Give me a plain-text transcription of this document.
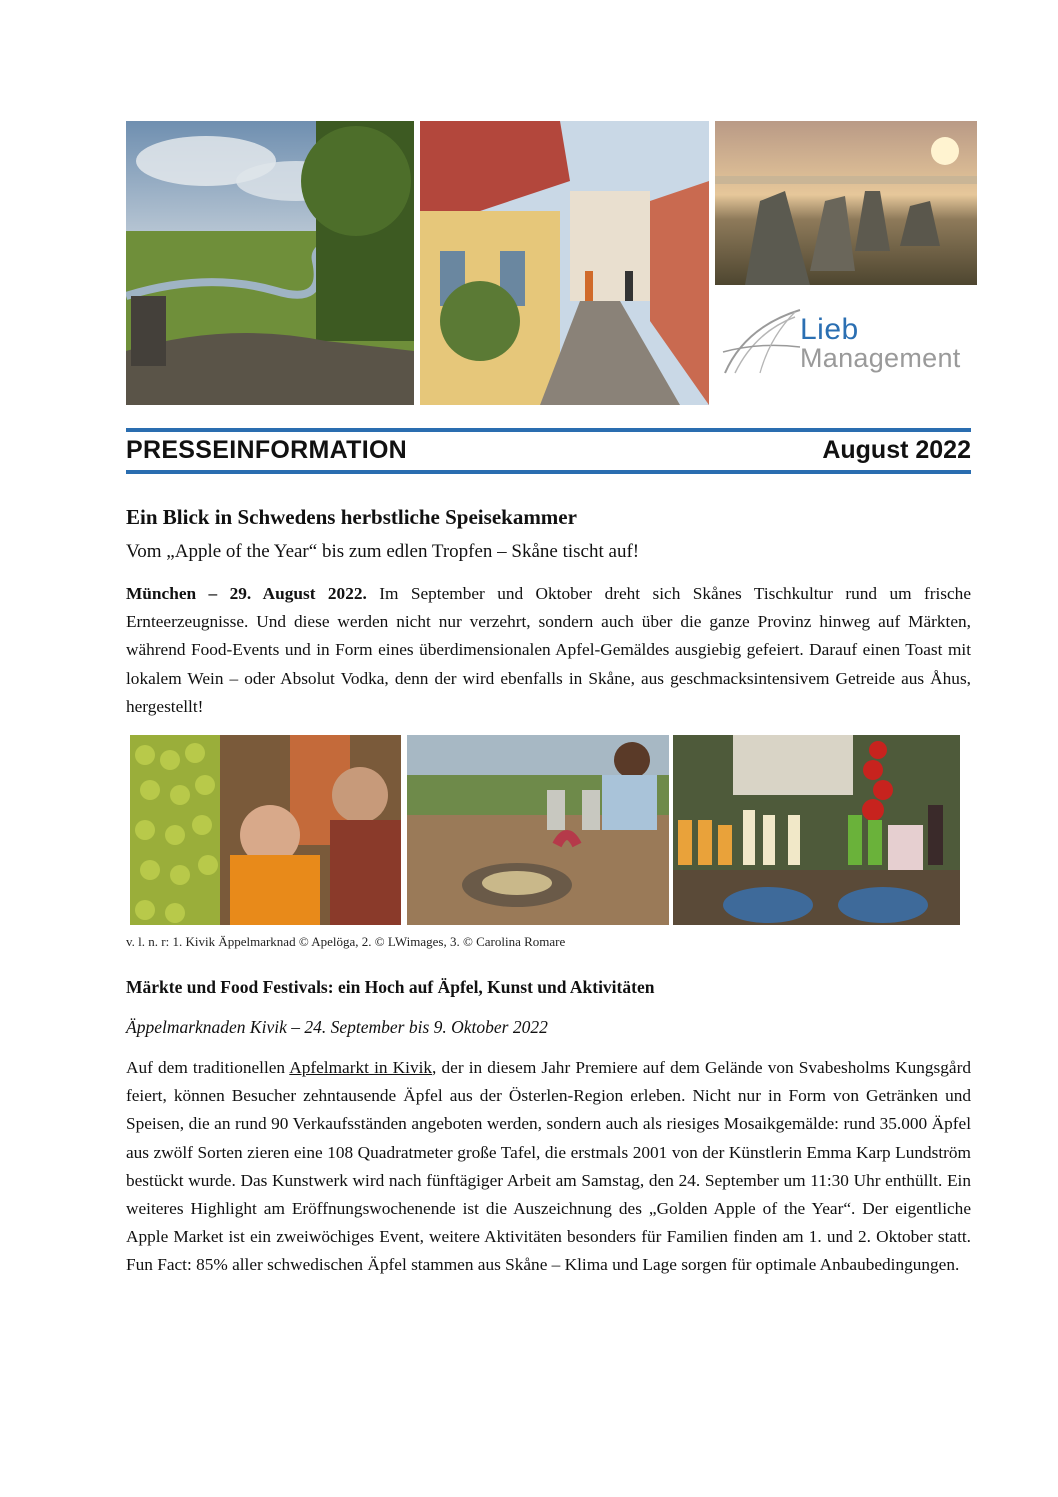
Lieb
Management
PRESSEINFORMATION	August 2022
Ein Blick in Schwedens herbstliche Speisekammer
Vom „Apple of the Year“ bis zum edlen Tropfen – Skåne tischt auf!
München – 29. August 2022. Im September und Oktober dreht sich Skånes Tischkultur rund um frische Ernteerzeugnisse. Und diese werden nicht nur verzehrt, sondern auch über die ganze Provinz hinweg auf Märkten, während Food-Events und in Form eines überdimensionalen Apfel-Gemäldes ausgiebig gefeiert. Darauf einen Toast mit lokalem Wein – oder Absolut Vodka, denn der wird ebenfalls in Skåne, aus geschmacksintensivem Getreide aus Åhus, hergestellt!
v. l. n. r: 1. Kivik Äppelmarknad © Apelöga, 2. © LWimages, 3. © Carolina Romare
Märkte und Food Festivals: ein Hoch auf Äpfel, Kunst und Aktivitäten
Äppelmarknaden Kivik – 24. September bis 9. Oktober 2022
Auf dem traditionellen Apfelmarkt in Kivik, der in diesem Jahr Premiere auf dem Gelände von Svabesholms Kungsgård feiert, können Besucher zehntausende Äpfel aus der Österlen-Region erleben. Nicht nur in Form von Getränken und Speisen, die an rund 90 Verkaufsständen angeboten werden, sondern auch als riesiges Mosaikgemälde: rund 35.000 Äpfel aus zwölf Sorten zieren eine 108 Quadratmeter große Tafel, die erstmals 2001 von der Künstlerin Emma Karp Lundström bestückt wurde. Das Kunstwerk wird nach fünftägiger Arbeit am Samstag, den 24. September um 11:30 Uhr enthüllt. Ein weiteres Highlight am Eröffnungswochenende ist die Auszeichnung des „Golden Apple of the Year“. Der eigentliche Apple Market ist ein zweiwöchiges Event, weitere Aktivitäten besonders für Familien finden am 1. und 2. Oktober statt. Fun Fact: 85% aller schwedischen Äpfel stammen aus Skåne – Klima und Lage sorgen für optimale Anbaubedingungen.
